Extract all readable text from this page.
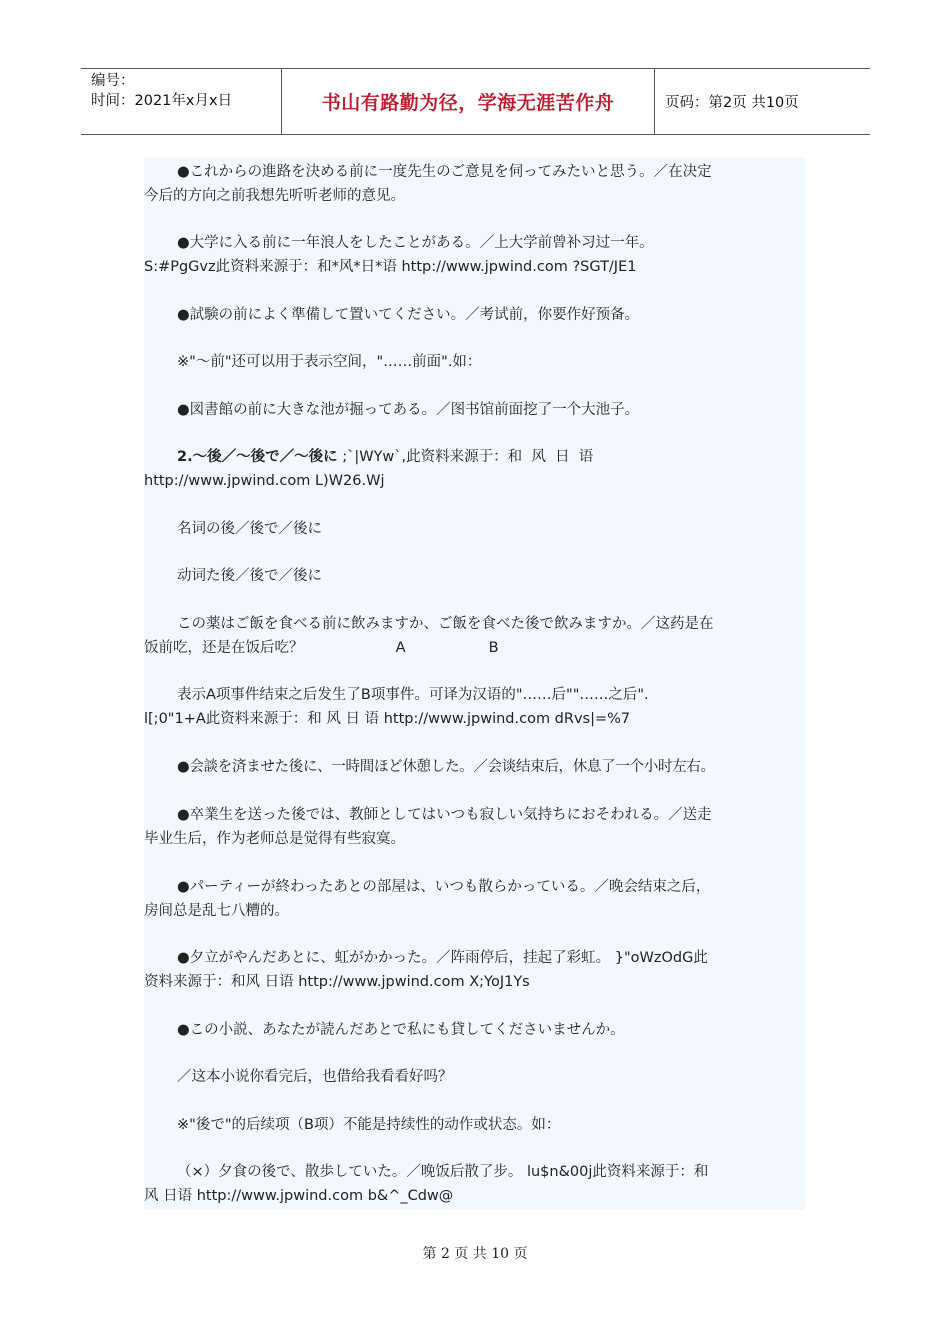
编号：
时间：2021年x月x日	书山有路勤为径，学海无涯苦作舟	页码：第2页 共10页
●これからの進路を決める前に一度先生のご意見を伺ってみたいと思う。／在决定
今后的方向之前我想先听听老师的意见。
●大学に入る前に一年浪人をしたことがある。／上大学前曾补习过一年。
S:#PgGvz此资料来源于：和*风*日*语 http://www.jpwind.com ?SGT/JE1
●試験の前によく準備して置いてください。／考试前，你要作好预备。
※"～前"还可以用于表示空间，"……前面".如：
●図書館の前に大きな池が掘ってある。／图书馆前面挖了一个大池子。
2.～後／～後で／～後に ;`|WYw`,此资料来源于：和  风  日  语
http://www.jpwind.com L)W26.Wj
名词の後／後で／後に
动词た後／後で／後に
この薬はご飯を食べる前に飲みますか、ご飯を食べた後で飲みますか。／这药是在
饭前吃，还是在饭后吃？                    A                  B
表示A项事件结束之后发生了B项事件。可译为汉语的"……后""……之后".
l[;0"1+A此资料来源于：和 风 日 语 http://www.jpwind.com dRvs|=%7
●会談を済ませた後に、一時間ほど休憩した。／会谈结束后，休息了一个小时左右。
●卒業生を送った後では、教師としてはいつも寂しい気持ちにおそわれる。／送走
毕业生后，作为老师总是觉得有些寂寞。
●パーティーが終わったあとの部屋は、いつも散らかっている。／晚会结束之后，
房间总是乱七八糟的。
●夕立がやんだあとに、虹がかかった。／阵雨停后，挂起了彩虹。 }"oWzOdG此
资料来源于：和风 日语 http://www.jpwind.com X;YoJ1Ys
●この小説、あなたが読んだあとで私にも貸してくださいませんか。
／这本小说你看完后，也借给我看看好吗？
※"後で"的后续项（B项）不能是持续性的动作或状态。如：
（×）夕食の後で、散歩していた。／晚饭后散了步。 lu$n&00j此资料来源于：和
风 日语 http://www.jpwind.com b&^_Cdw@
第 2 页 共 10 页
